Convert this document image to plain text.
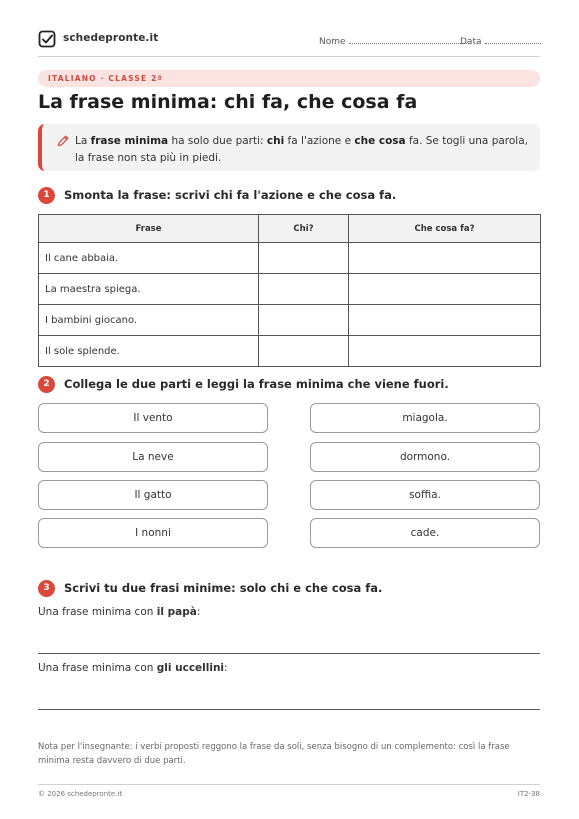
schedepronte.it	Nome	Data
ITALIANO · CLASSE 2ª
La frase minima: chi fa, che cosa fa

La frase minima ha solo due parti: chi fa l'azione e che cosa fa. Se togli una parola, la frase non sta più in piedi.

1	Smonta la frase: scrivi chi fa l'azione e che cosa fa.
Frase	Chi?	Che cosa fa?
Il cane abbaia.		
La maestra spiega.		
I bambini giocano.		
Il sole splende.		
2	Collega le due parti e leggi la frase minima che viene fuori.
Il vento
La neve
Il gatto
I nonni
miagola.
dormono.
soffia.
cade.
3	Scrivi tu due frasi minime: solo chi e che cosa fa.
Una frase minima con il papà:
Una frase minima con gli uccellini:
Nota per l'insegnante: i verbi proposti reggono la frase da soli, senza bisogno di un complemento: così la frase minima resta davvero di due parti.
© 2026 schedepronte.it	IT2-38
